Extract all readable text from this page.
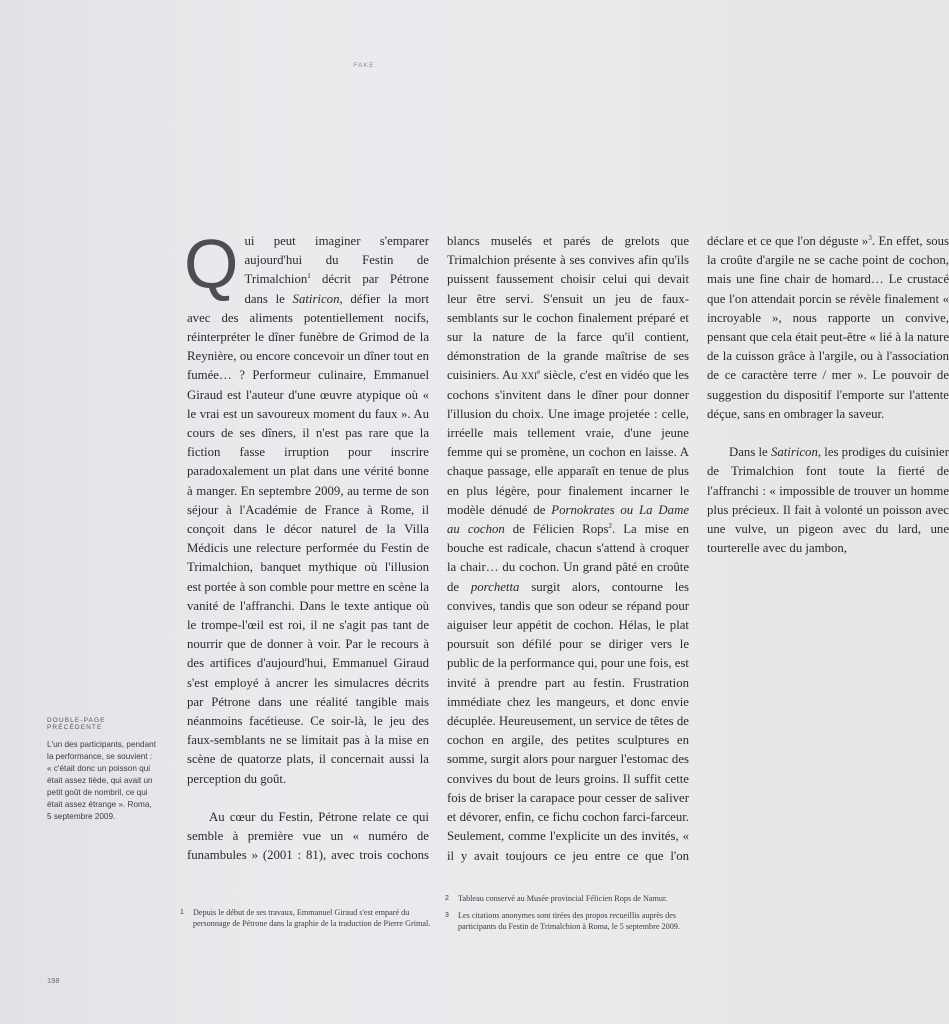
FAKE
DOUBLE-PAGE PRÉCÉDENTE
L'un des participants, pendant la performance, se souvient : « c'était donc un poisson qui était assez tiède, qui avait un petit goût de nombril, ce qui était assez étrange ». Roma, 5 septembre 2009.
1 Depuis le début de ses travaux, Emmanuel Giraud s'est emparé du personnage de Pétrone dans la graphie de la traduction de Pierre Grimal.
2 Tableau conservé au Musée provincial Félicien Rops de Namur.
3 Les citations anonymes sont tirées des propos recueillis auprès des participants du Festin de Trimalchion à Roma, le 5 septembre 2009.
198

Qui peut imaginer s'emparer aujourd'hui du Festin de Trimalchion$^1$ décrit par Pétrone dans le Satiricon, défier la mort avec des aliments potentiellement nocifs, réinterpréter le dîner funèbre de Grimod de la Reynière, ou encore concevoir un dîner tout en fumée… ? Performeur culinaire, Emmanuel Giraud est l'auteur d'une œuvre atypique où « le vrai est un savoureux moment du faux ». Au cours de ses dîners, il n'est pas rare que la fiction fasse irruption pour inscrire paradoxalement un plat dans une vérité bonne à manger. En septembre 2009, au terme de son séjour à l'Académie de France à Rome, il conçoit dans le décor naturel de la Villa Médicis une relecture performée du Festin de Trimalchion, banquet mythique où l'illusion est portée à son comble pour mettre en scène la vanité de l'affranchi. Dans le texte antique où le trompe-l'œil est roi, il ne s'agit pas tant de nourrir que de donner à voir. Par le recours à des artifices d'aujourd'hui, Emmanuel Giraud s'est employé à ancrer les simulacres décrits par Pétrone dans une réalité tangible mais néanmoins facétieuse. Ce soir-là, le jeu des faux-semblants ne se limitait pas à la mise en scène de quatorze plats, il concernait aussi la perception du goût.

Au cœur du Festin, Pétrone relate ce qui semble à première vue un « numéro de funambules » (2001 : 81), avec trois cochons blancs muselés et parés de grelots que Trimalchion présente à ses convives afin qu'ils puissent faussement choisir celui qui devait leur être servi. S'ensuit un jeu de faux-semblants sur le cochon finalement préparé et sur la nature de la farce qu'il contient, démonstration de la grande maîtrise de ses cuisiniers. Au xxi$^e$ siècle, c'est en vidéo que les cochons s'invitent dans le dîner pour donner l'illusion du choix. Une image projetée : celle, irréelle mais tellement vraie, d'une jeune femme qui se promène, un cochon en laisse. A chaque passage, elle apparaît en tenue de plus en plus légère, pour finalement incarner le modèle dénudé de Pornokrates ou La Dame au cochon de Félicien Rops$^2$. La mise en bouche est radicale, chacun s'attend à croquer la chair… du cochon. Un grand pâté en croûte de porchetta surgit alors, contourne les convives, tandis que son odeur se répand pour aiguiser leur appétit de cochon. Hélas, le plat poursuit son défilé pour se diriger vers le public de la performance qui, pour une fois, est invité à prendre part au festin. Frustration immédiate chez les mangeurs, et donc envie décuplée. Heureusement, un service de têtes de cochon en argile, des petites sculptures en somme, surgit alors pour narguer l'estomac des convives du bout de leurs groins. Il suffit cette fois de briser la carapace pour cesser de saliver et dévorer, enfin, ce fichu cochon farci-farceur. Seulement, comme l'explicite un des invités, « il y avait toujours ce jeu entre ce que l'on déclare et ce que l'on déguste »$^3$. En effet, sous la croûte d'argile ne se cache point de cochon, mais une fine chair de homard… Le crustacé que l'on attendait porcin se révèle finalement « incroyable », nous rapporte un convive, pensant que cela était peut-être « lié à la nature de la cuisson grâce à l'argile, ou à l'association de ce caractère terre / mer ». Le pouvoir de suggestion du dispositif l'emporte sur l'attente déçue, sans en ombrager la saveur.

Dans le Satiricon, les prodiges du cuisinier de Trimalchion font toute la fierté de l'affranchi : « impossible de trouver un homme plus précieux. Il fait à volonté un poisson avec une vulve, un pigeon avec du lard, une tourterelle avec du jambon,
